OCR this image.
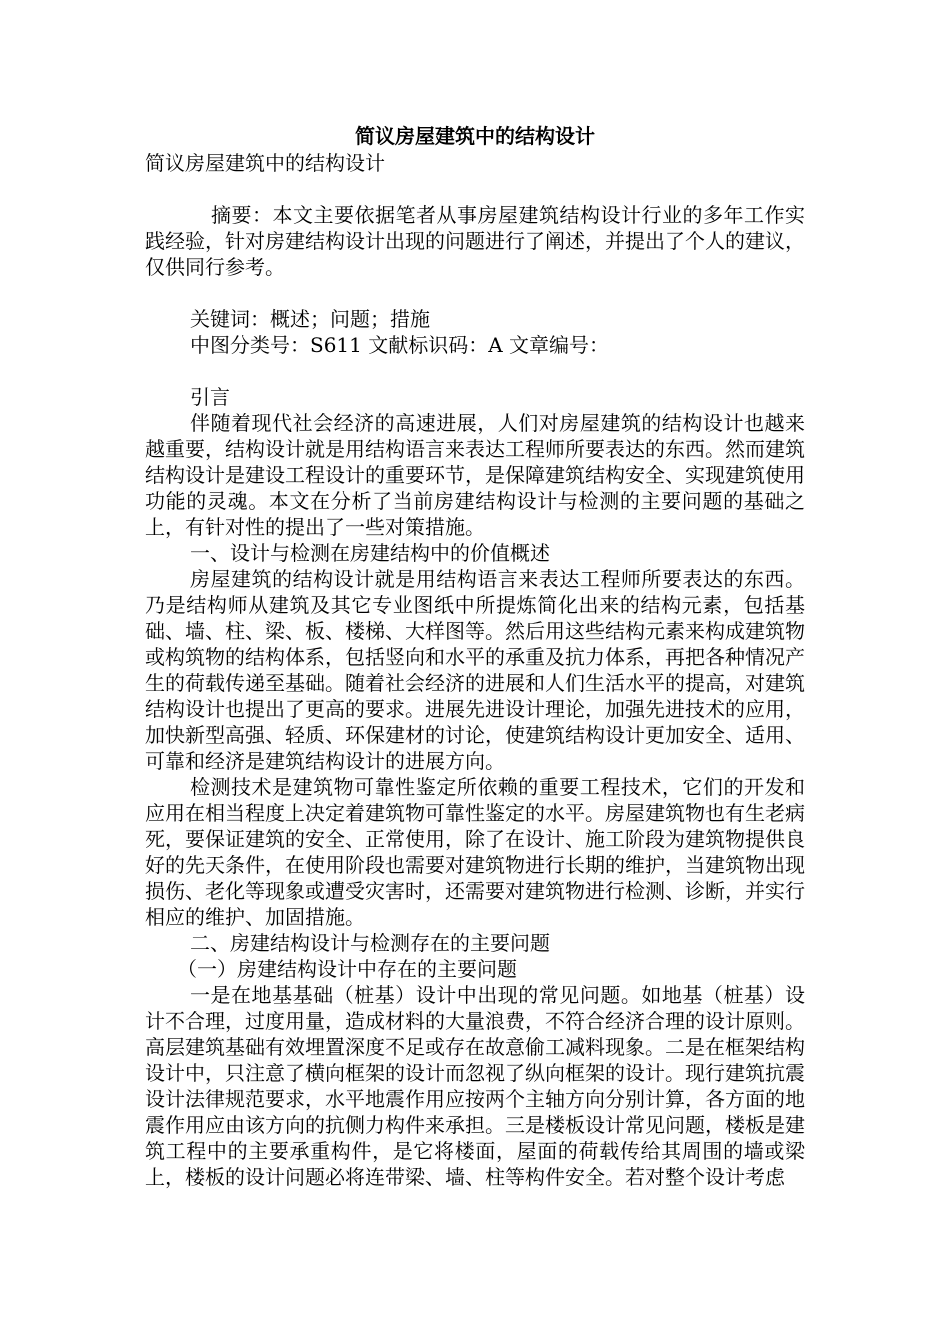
简议房屋建筑中的结构设计

简议房屋建筑中的结构设计

摘要：本文主要依据笔者从事房屋建筑结构设计行业的多年工作实践经验，针对房建结构设计出现的问题进行了阐述，并提出了个人的建议，仅供同行参考。

关键词：概述；问题；措施

中图分类号：S611 文献标识码：A 文章编号：

引言

伴随着现代社会经济的高速进展，人们对房屋建筑的结构设计也越来越重要，结构设计就是用结构语言来表达工程师所要表达的东西。然而建筑结构设计是建设工程设计的重要环节，是保障建筑结构安全、实现建筑使用功能的灵魂。本文在分析了当前房建结构设计与检测的主要问题的基础之上，有针对性的提出了一些对策措施。

一、设计与检测在房建结构中的价值概述

房屋建筑的结构设计就是用结构语言来表达工程师所要表达的东西。乃是结构师从建筑及其它专业图纸中所提炼简化出来的结构元素，包括基础、墙、柱、梁、板、楼梯、大样图等。然后用这些结构元素来构成建筑物或构筑物的结构体系，包括竖向和水平的承重及抗力体系，再把各种情况产生的荷载传递至基础。随着社会经济的进展和人们生活水平的提高，对建筑结构设计也提出了更高的要求。进展先进设计理论，加强先进技术的应用，加快新型高强、轻质、环保建材的讨论，使建筑结构设计更加安全、适用、可靠和经济是建筑结构设计的进展方向。

检测技术是建筑物可靠性鉴定所依赖的重要工程技术，它们的开发和应用在相当程度上决定着建筑物可靠性鉴定的水平。房屋建筑物也有生老病死，要保证建筑的安全、正常使用，除了在设计、施工阶段为建筑物提供良好的先天条件，在使用阶段也需要对建筑物进行长期的维护，当建筑物出现损伤、老化等现象或遭受灾害时，还需要对建筑物进行检测、诊断，并实行相应的维护、加固措施。

二、房建结构设计与检测存在的主要问题

（一）房建结构设计中存在的主要问题

一是在地基基础（桩基）设计中出现的常见问题。如地基（桩基）设计不合理，过度用量，造成材料的大量浪费，不符合经济合理的设计原则。高层建筑基础有效埋置深度不足或存在故意偷工减料现象。二是在框架结构设计中，只注意了横向框架的设计而忽视了纵向框架的设计。现行建筑抗震设计法律规范要求，水平地震作用应按两个主轴方向分别计算，各方面的地震作用应由该方向的抗侧力构件来承担。三是楼板设计常见问题，楼板是建筑工程中的主要承重构件，是它将楼面，屋面的荷载传给其周围的墙或梁上，楼板的设计问题必将连带梁、墙、柱等构件安全。若对整个设计考虑
